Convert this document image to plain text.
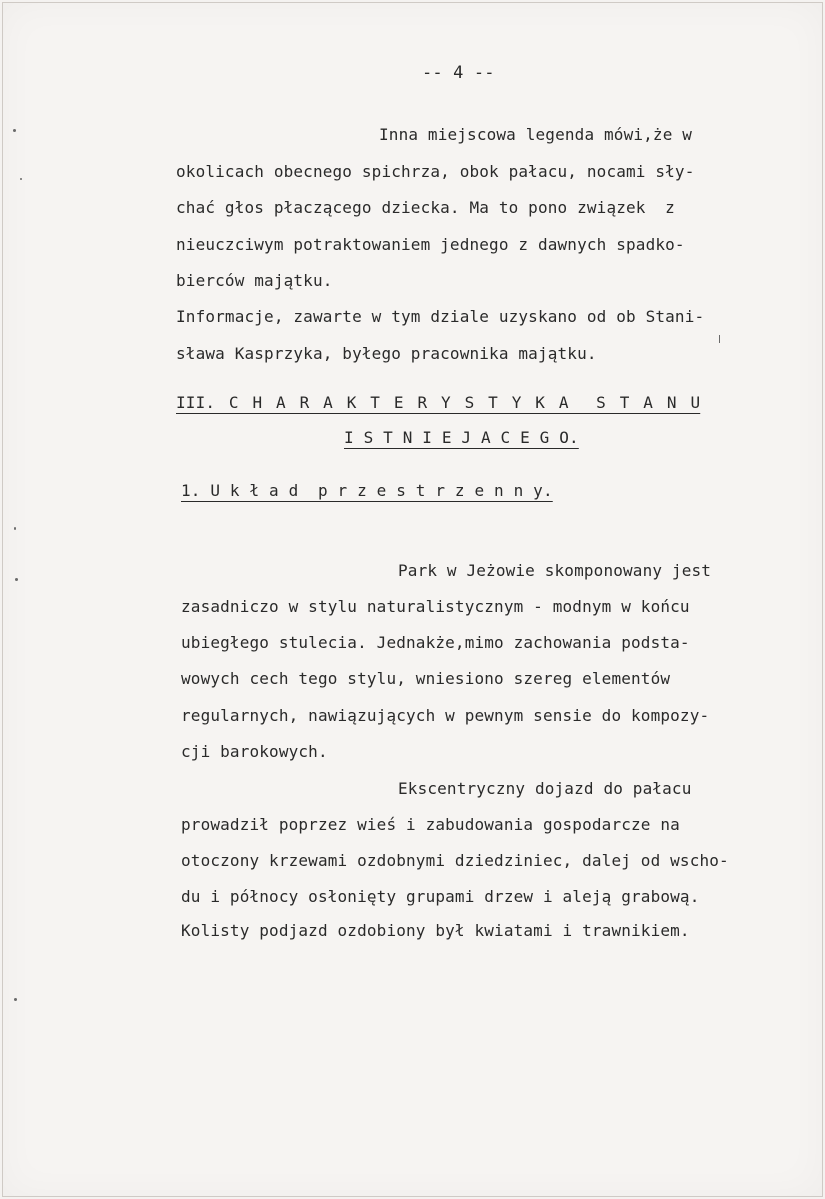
-- 4 --
Inna miejscowa legenda mówi,że w
okolicach obecnego spichrza, obok pałacu, nocami sły-
chać głos płaczącego dziecka. Ma to pono związek  z
nieuczciwym potraktowaniem jednego z dawnych spadko-
bierców majątku.
Informacje, zawarte w tym dziale uzyskano od ob Stani-
sława Kasprzyka, byłego pracownika majątku.
III. C H A R A K T E R Y S T Y K A  S T A N U
I S T N I E J A C E G O.
1. U k ł a d  p r z e s t r z e n n y.
Park w Jeżowie skomponowany jest
zasadniczo w stylu naturalistycznym - modnym w końcu
ubiegłego stulecia. Jednakże,mimo zachowania podsta-
wowych cech tego stylu, wniesiono szereg elementów
regularnych, nawiązujących w pewnym sensie do kompozy-
cji barokowych.
Ekscentryczny dojazd do pałacu
prowadził poprzez wieś i zabudowania gospodarcze na
otoczony krzewami ozdobnymi dziedziniec, dalej od wscho-
du i północy osłonięty grupami drzew i aleją grabową.
Kolisty podjazd ozdobiony był kwiatami i trawnikiem.
